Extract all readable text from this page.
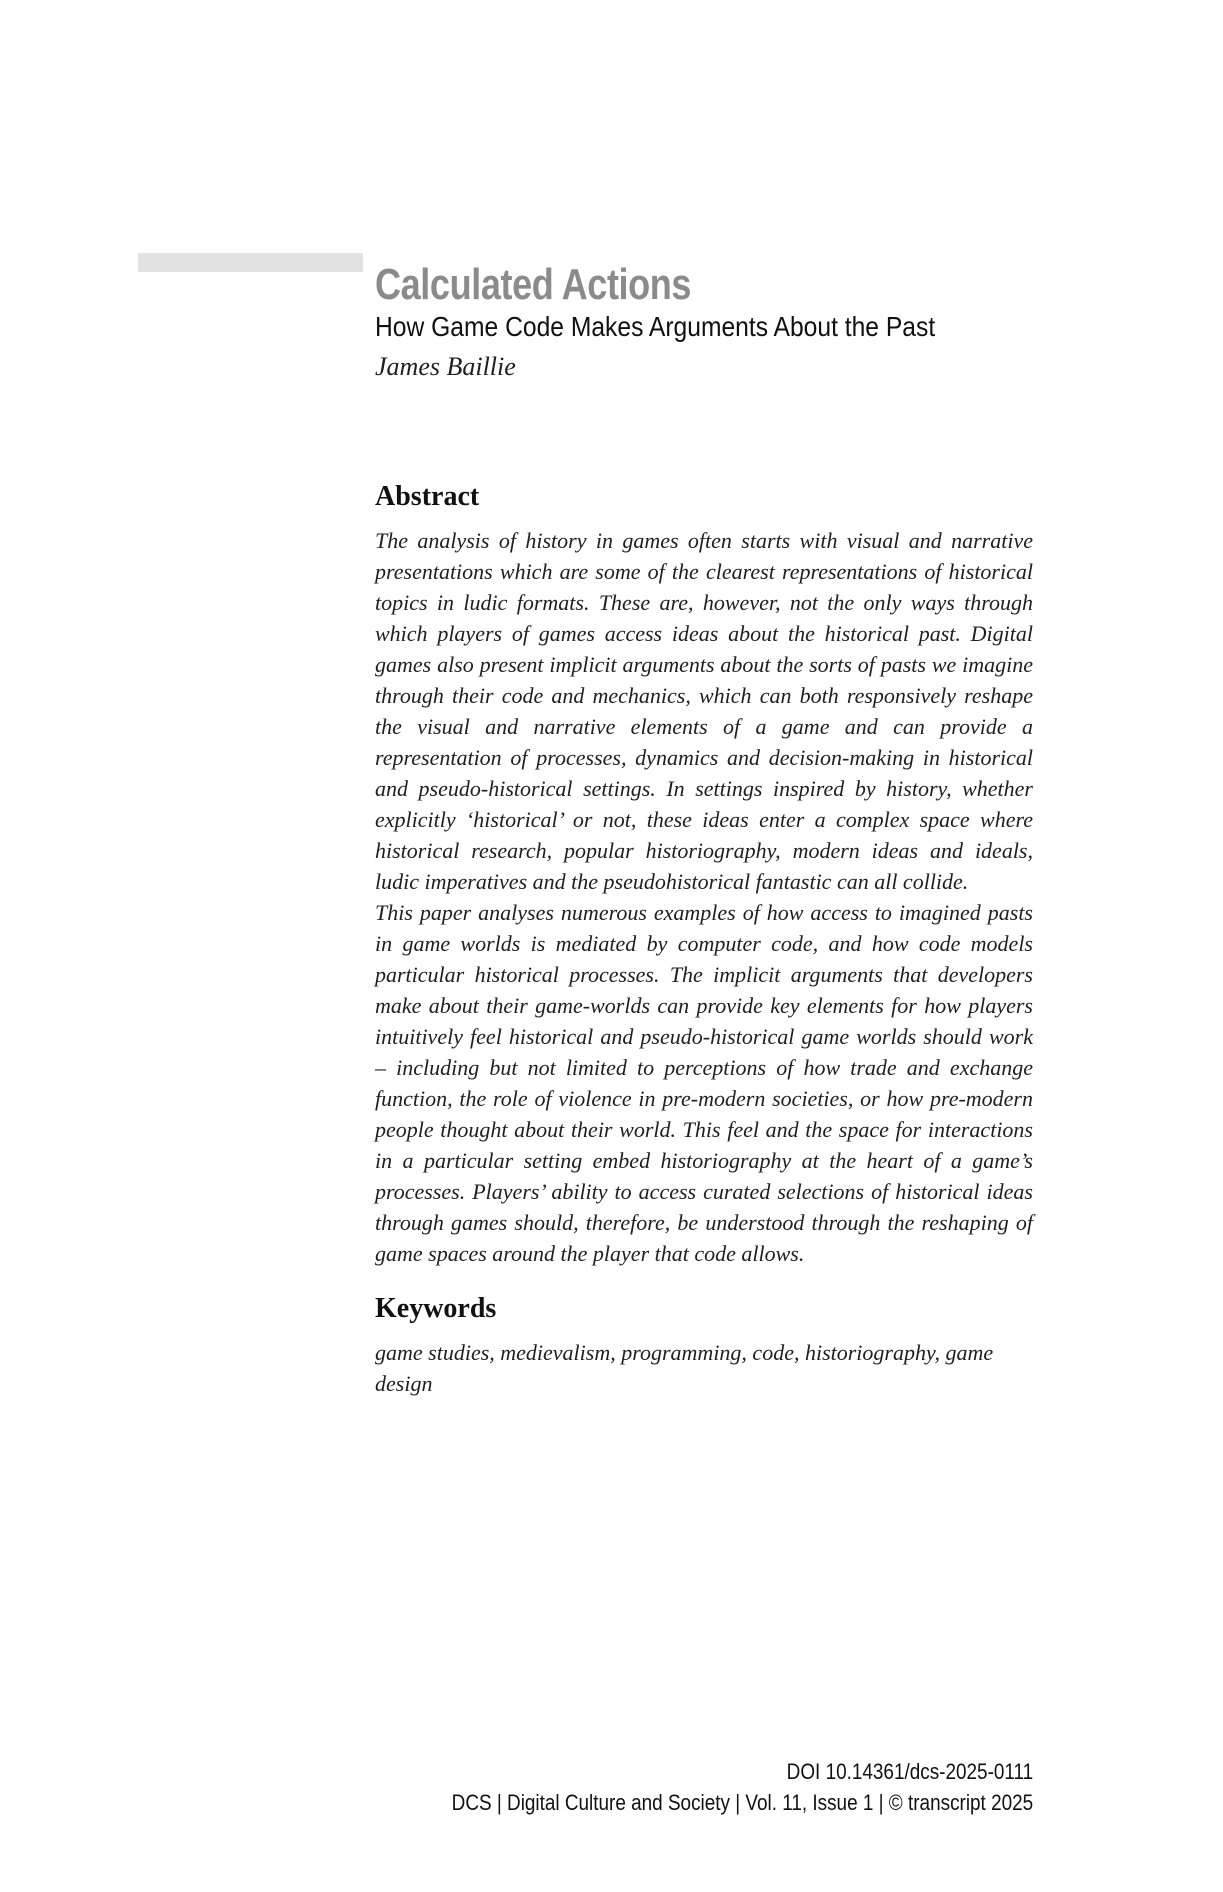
Calculated Actions
How Game Code Makes Arguments About the Past
James Baillie
Abstract

The analysis of history in games often starts with visual and narrative presentations which are some of the clearest representations of historical topics in ludic formats. These are, however, not the only ways through which players of games access ideas about the historical past. Digital games also present implicit arguments about the sorts of pasts we imagine through their code and mechanics, which can both responsively reshape the visual and narrative elements of a game and can provide a representation of processes, dynamics and decision-making in historical and pseudo-historical settings. In settings inspired by history, whether explicitly ‘historical’ or not, these ideas enter a complex space where historical research, popular historiography, modern ideas and ideals, ludic imperatives and the pseudohistorical fantastic can all collide.

This paper analyses numerous examples of how access to imagined pasts in game worlds is mediated by computer code, and how code models particular historical processes. The implicit arguments that developers make about their game-worlds can provide key elements for how players intuitively feel historical and pseudo-historical game worlds should work – including but not limited to perceptions of how trade and exchange function, the role of violence in pre-modern societies, or how pre-modern people thought about their world. This feel and the space for interactions in a particular setting embed historiography at the heart of a game’s processes. Players’ ability to access curated selections of historical ideas through games should, therefore, be understood through the reshaping of game spaces around the player that code allows.

Keywords
game studies, medievalism, programming, code, historiography, game design
DOI 10.14361/dcs-2025-0111
DCS | Digital Culture and Society | Vol. 11, Issue 1 | © transcript 2025
